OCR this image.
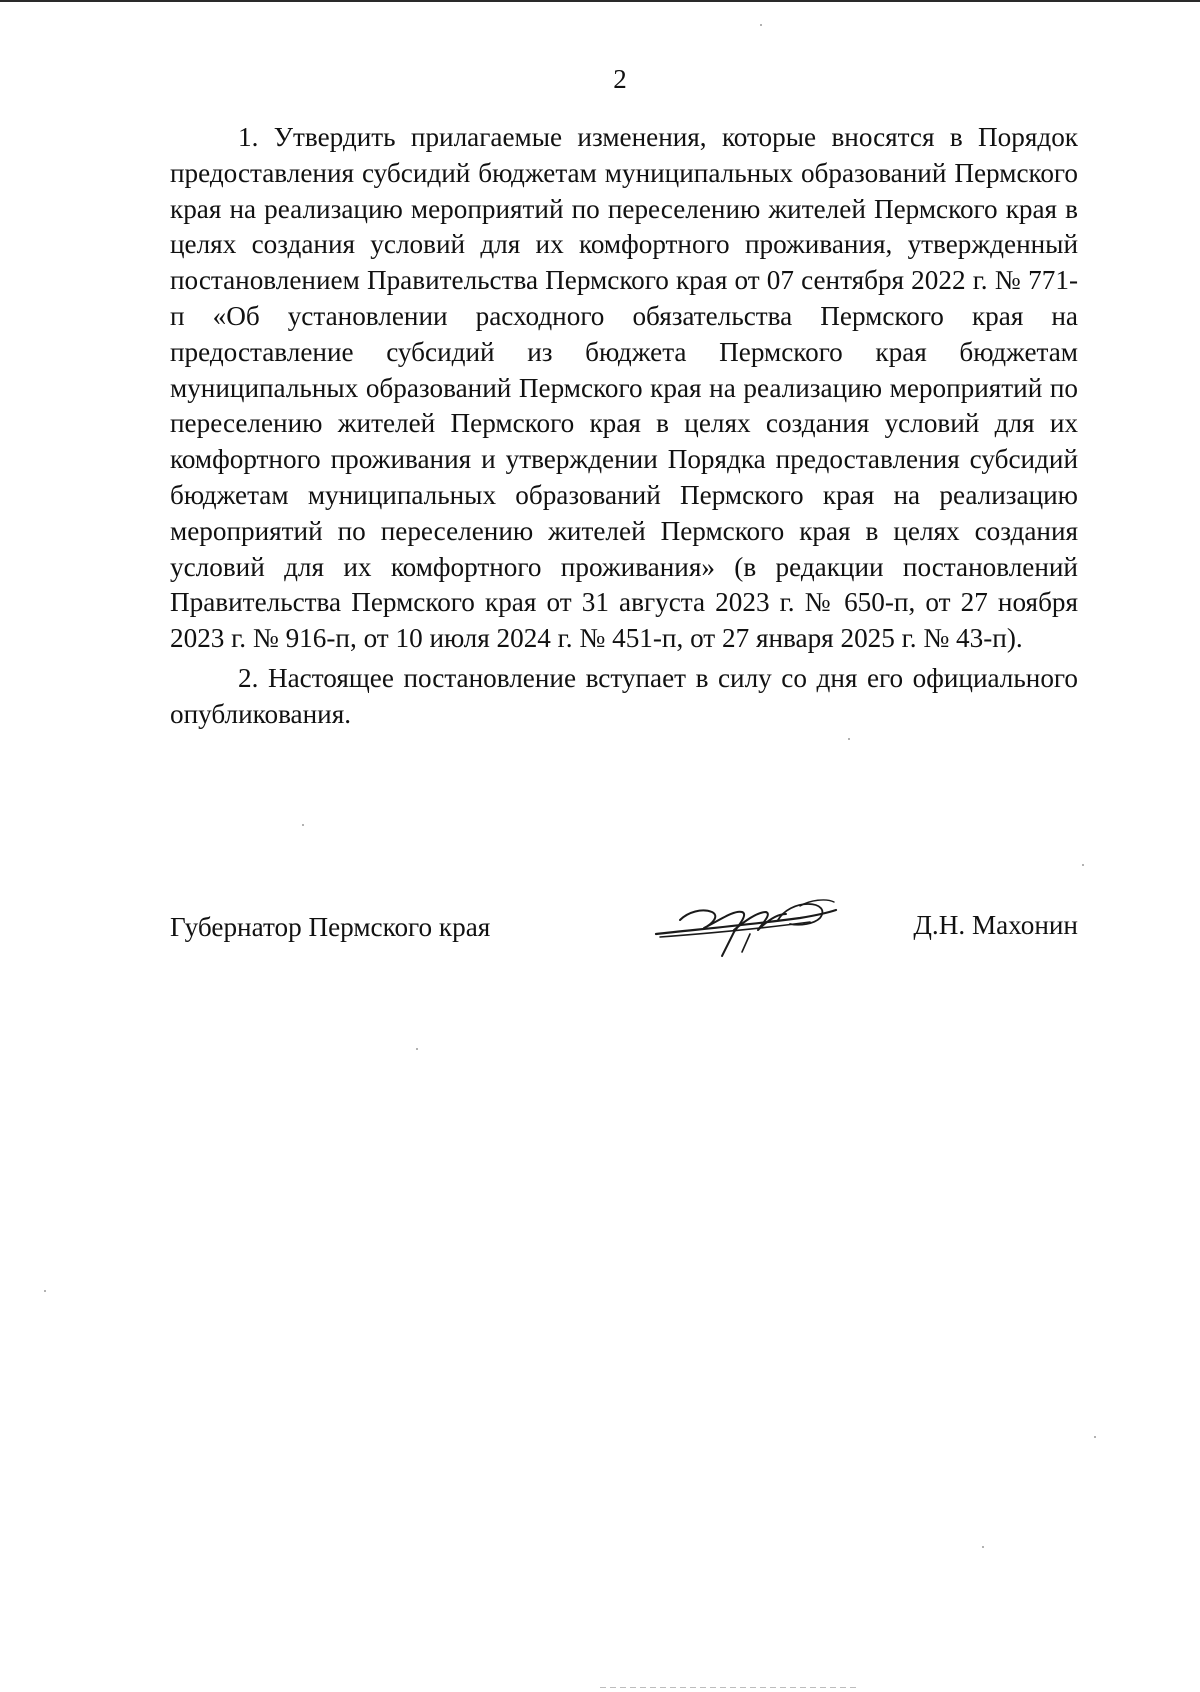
2

1. Утвердить прилагаемые изменения, которые вносятся в Порядок предоставления субсидий бюджетам муниципальных образований Пермского края на реализацию мероприятий по переселению жителей Пермского края в целях создания условий для их комфортного проживания, утвержденный постановлением Правительства Пермского края от 07 сентября 2022 г. № 771-п «Об установлении расходного обязательства Пермского края на предоставление субсидий из бюджета Пермского края бюджетам муниципальных образований Пермского края на реализацию мероприятий по переселению жителей Пермского края в целях создания условий для их комфортного проживания и утверждении Порядка предоставления субсидий бюджетам муниципальных образований Пермского края на реализацию мероприятий по переселению жителей Пермского края в целях создания условий для их комфортного проживания» (в редакции постановлений Правительства Пермского края от 31 августа 2023 г. № 650-п, от 27 ноября 2023 г. № 916-п, от 10 июля 2024 г. № 451-п, от 27 января 2025 г. № 43-п).

2. Настоящее постановление вступает в силу со дня его официального опубликования.

Губернатор Пермского края	Д.Н. Махонин
